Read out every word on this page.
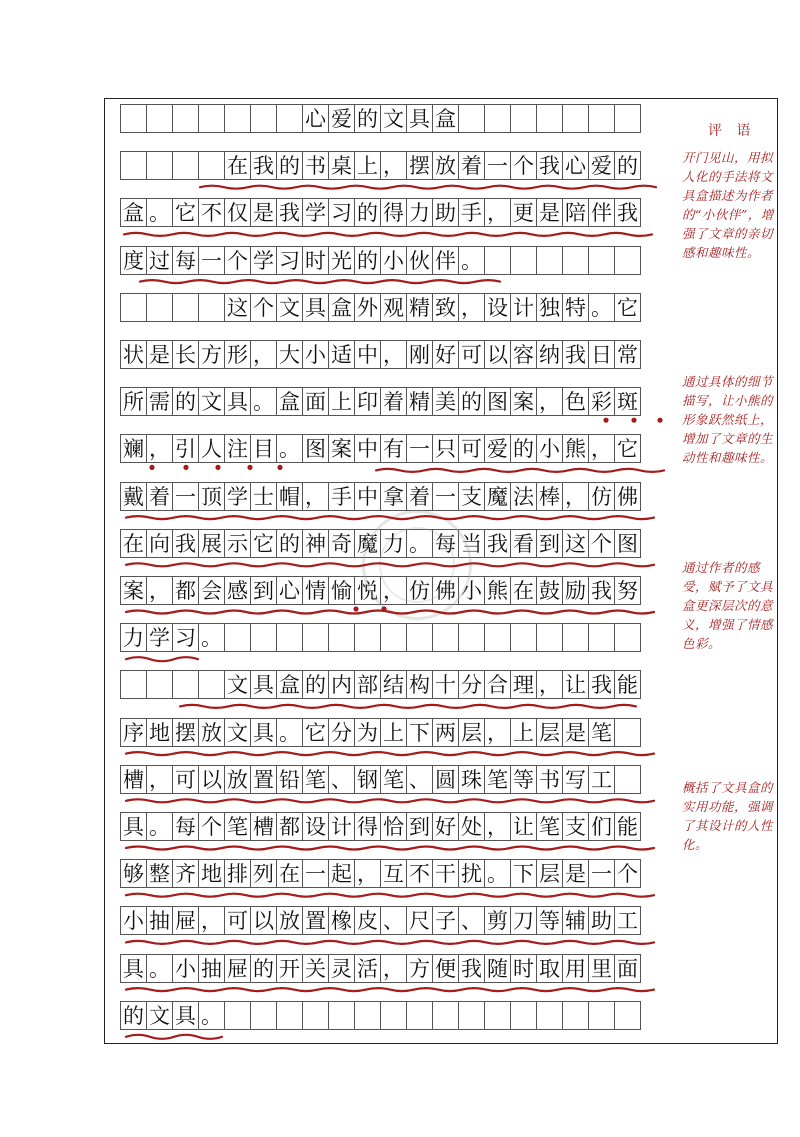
心 爱 的 文 具 盒
在 我 的 书 桌 上 ， 摆 放 着 一 个 我 心 爱 的
盒 。 它 不 仅 是 我 学 习 的 得 力 助 手 ， 更 是 陪 伴 我
度 过 每 一 个 学 习 时 光 的 小 伙 伴 。
这 个 文 具 盒 外 观 精 致 ， 设 计 独 特 。 它
状 是 长 方 形 ， 大 小 适 中 ， 刚 好 可 以 容 纳 我 日 常
所 需 的 文 具 。 盒 面 上 印 着 精 美 的 图 案 ， 色 彩 斑
斓 ， 引 人 注 目 。 图 案 中 有 一 只 可 爱 的 小 熊 ， 它
戴 着 一 顶 学 士 帽 ， 手 中 拿 着 一 支 魔 法 棒 ， 仿 佛
在 向 我 展 示 它 的 神 奇 魔 力 。 每 当 我 看 到 这 个 图
案 ， 都 会 感 到 心 情 愉 悦 ， 仿 佛 小 熊 在 鼓 励 我 努
力 学 习 。
文 具 盒 的 内 部 结 构 十 分 合 理 ， 让 我 能
序 地 摆 放 文 具 。 它 分 为 上 下 两 层 ， 上 层 是 笔
槽 ， 可 以 放 置 铅 笔 、 钢 笔 、 圆 珠 笔 等 书 写 工
具 。 每 个 笔 槽 都 设 计 得 恰 到 好 处 ， 让 笔 支 们 能
够 整 齐 地 排 列 在 一 起 ， 互 不 干 扰 。 下 层 是 一 个
小 抽 屉 ， 可 以 放 置 橡 皮 、 尺 子 、 剪 刀 等 辅 助 工
具 。 小 抽 屉 的 开 关 灵 活 ， 方 便 我 随 时 取 用 里 面
的 文 具 。
评 语
开门见山，用拟人化的手法将文具盒描述为作者的“小伙伴”，增强了文章的亲切感和趣味性。
通过具体的细节描写，让小熊的形象跃然纸上，增加了文章的生动性和趣味性。
通过作者的感受，赋予了文具盒更深层次的意义，增强了情感色彩。
概括了文具盒的实用功能，强调了其设计的人性化。
